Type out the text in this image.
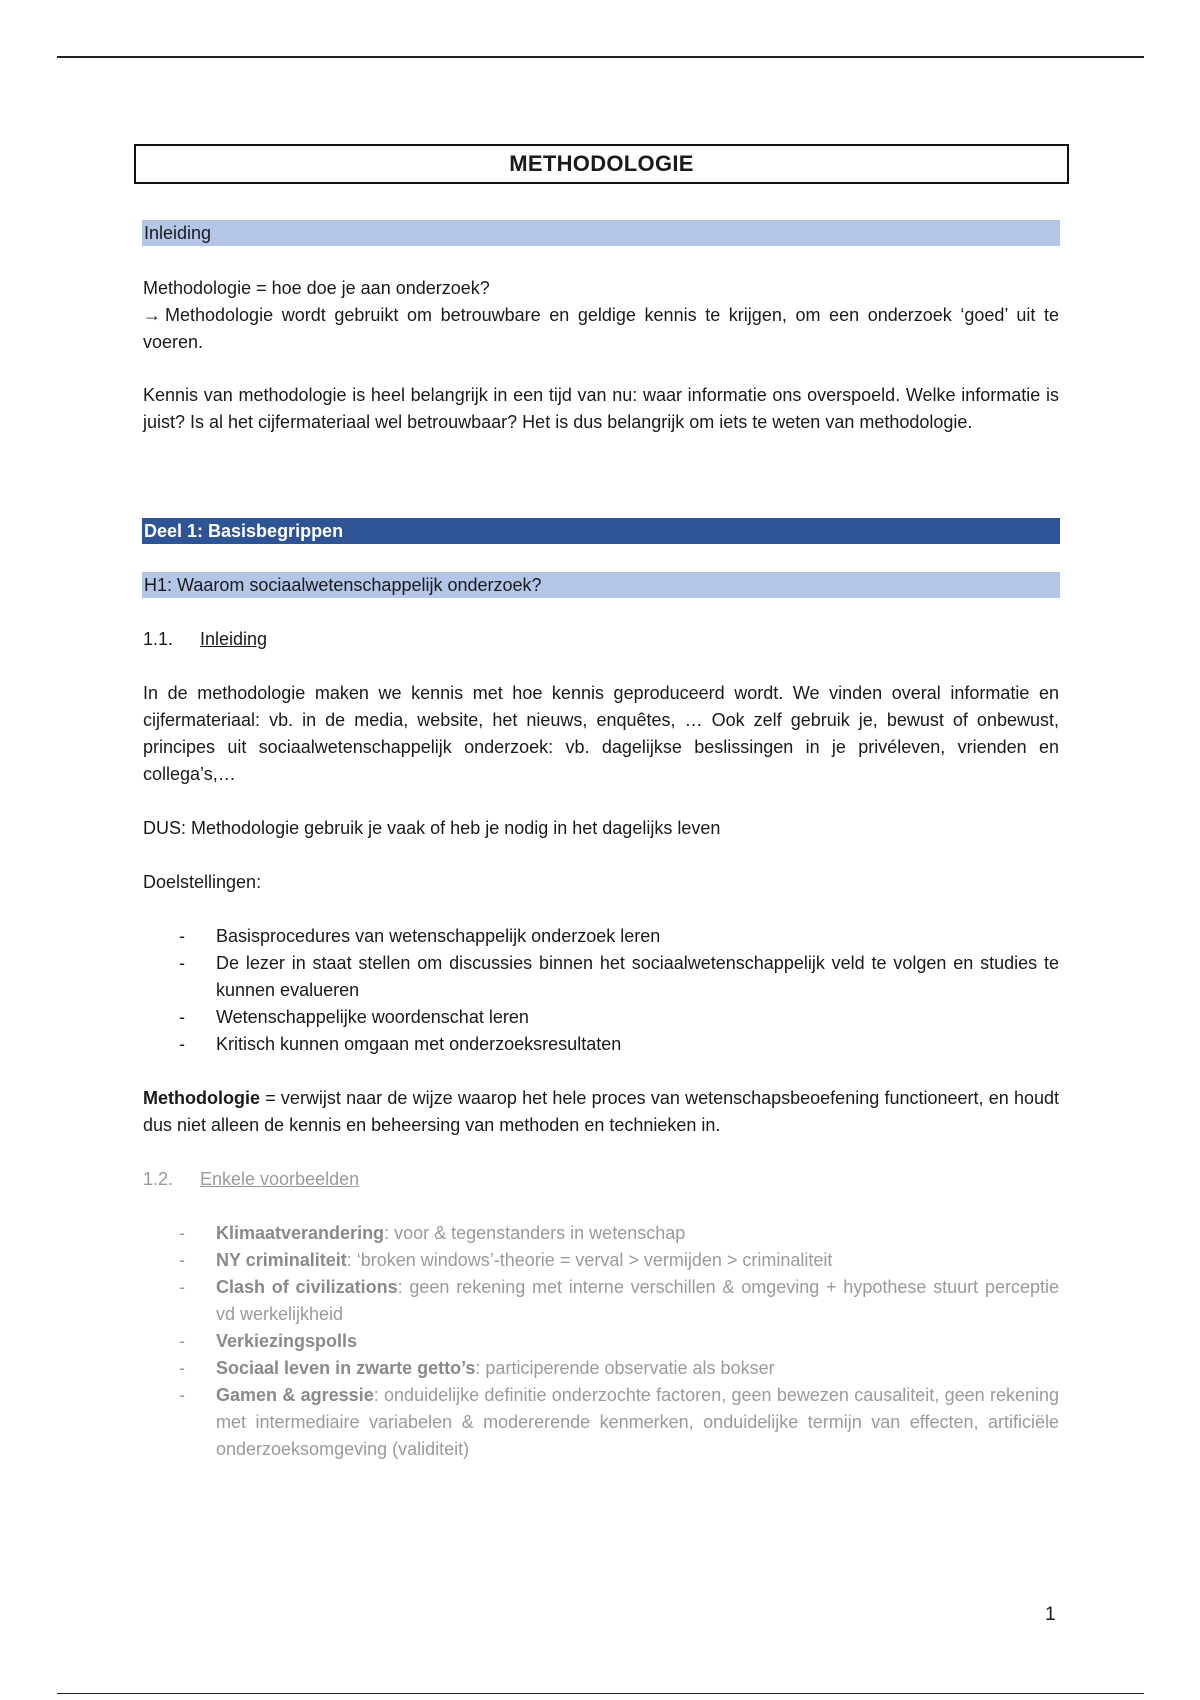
METHODOLOGIE
Inleiding
Methodologie = hoe doe je aan onderzoek?

→ Methodologie wordt gebruikt om betrouwbare en geldige kennis te krijgen, om een onderzoek ‘goed’ uit te voeren.

Kennis van methodologie is heel belangrijk in een tijd van nu: waar informatie ons overspoeld. Welke informatie is juist? Is al het cijfermateriaal wel betrouwbaar? Het is dus belangrijk om iets te weten van methodologie.

Deel 1: Basisbegrippen
H1: Waarom sociaalwetenschappelijk onderzoek?
1.1. Inleiding

In de methodologie maken we kennis met hoe kennis geproduceerd wordt. We vinden overal informatie en cijfermateriaal: vb. in de media, website, het nieuws, enquêtes, … Ook zelf gebruik je, bewust of onbewust, principes uit sociaalwetenschappelijk onderzoek: vb. dagelijkse beslissingen in je privéleven, vrienden en collega’s,…

DUS: Methodologie gebruik je vaak of heb je nodig in het dagelijks leven
Doelstellingen:
- Basisprocedures van wetenschappelijk onderzoek leren
- De lezer in staat stellen om discussies binnen het sociaalwetenschappelijk veld te volgen en studies te kunnen evalueren
- Wetenschappelijke woordenschat leren
- Kritisch kunnen omgaan met onderzoeksresultaten

Methodologie = verwijst naar de wijze waarop het hele proces van wetenschapsbeoefening functioneert, en houdt dus niet alleen de kennis en beheersing van methoden en technieken in.

1.2. Enkele voorbeelden
- Klimaatverandering: voor & tegenstanders in wetenschap
- NY criminaliteit: ‘broken windows’-theorie = verval > vermijden > criminaliteit
- Clash of civilizations: geen rekening met interne verschillen & omgeving + hypothese stuurt perceptie vd werkelijkheid
- Verkiezingspolls
- Sociaal leven in zwarte getto’s: participerende observatie als bokser
- Gamen & agressie: onduidelijke definitie onderzochte factoren, geen bewezen causaliteit, geen rekening met intermediaire variabelen & modererende kenmerken, onduidelijke termijn van effecten, artificiële onderzoeksomgeving (validiteit)
1
